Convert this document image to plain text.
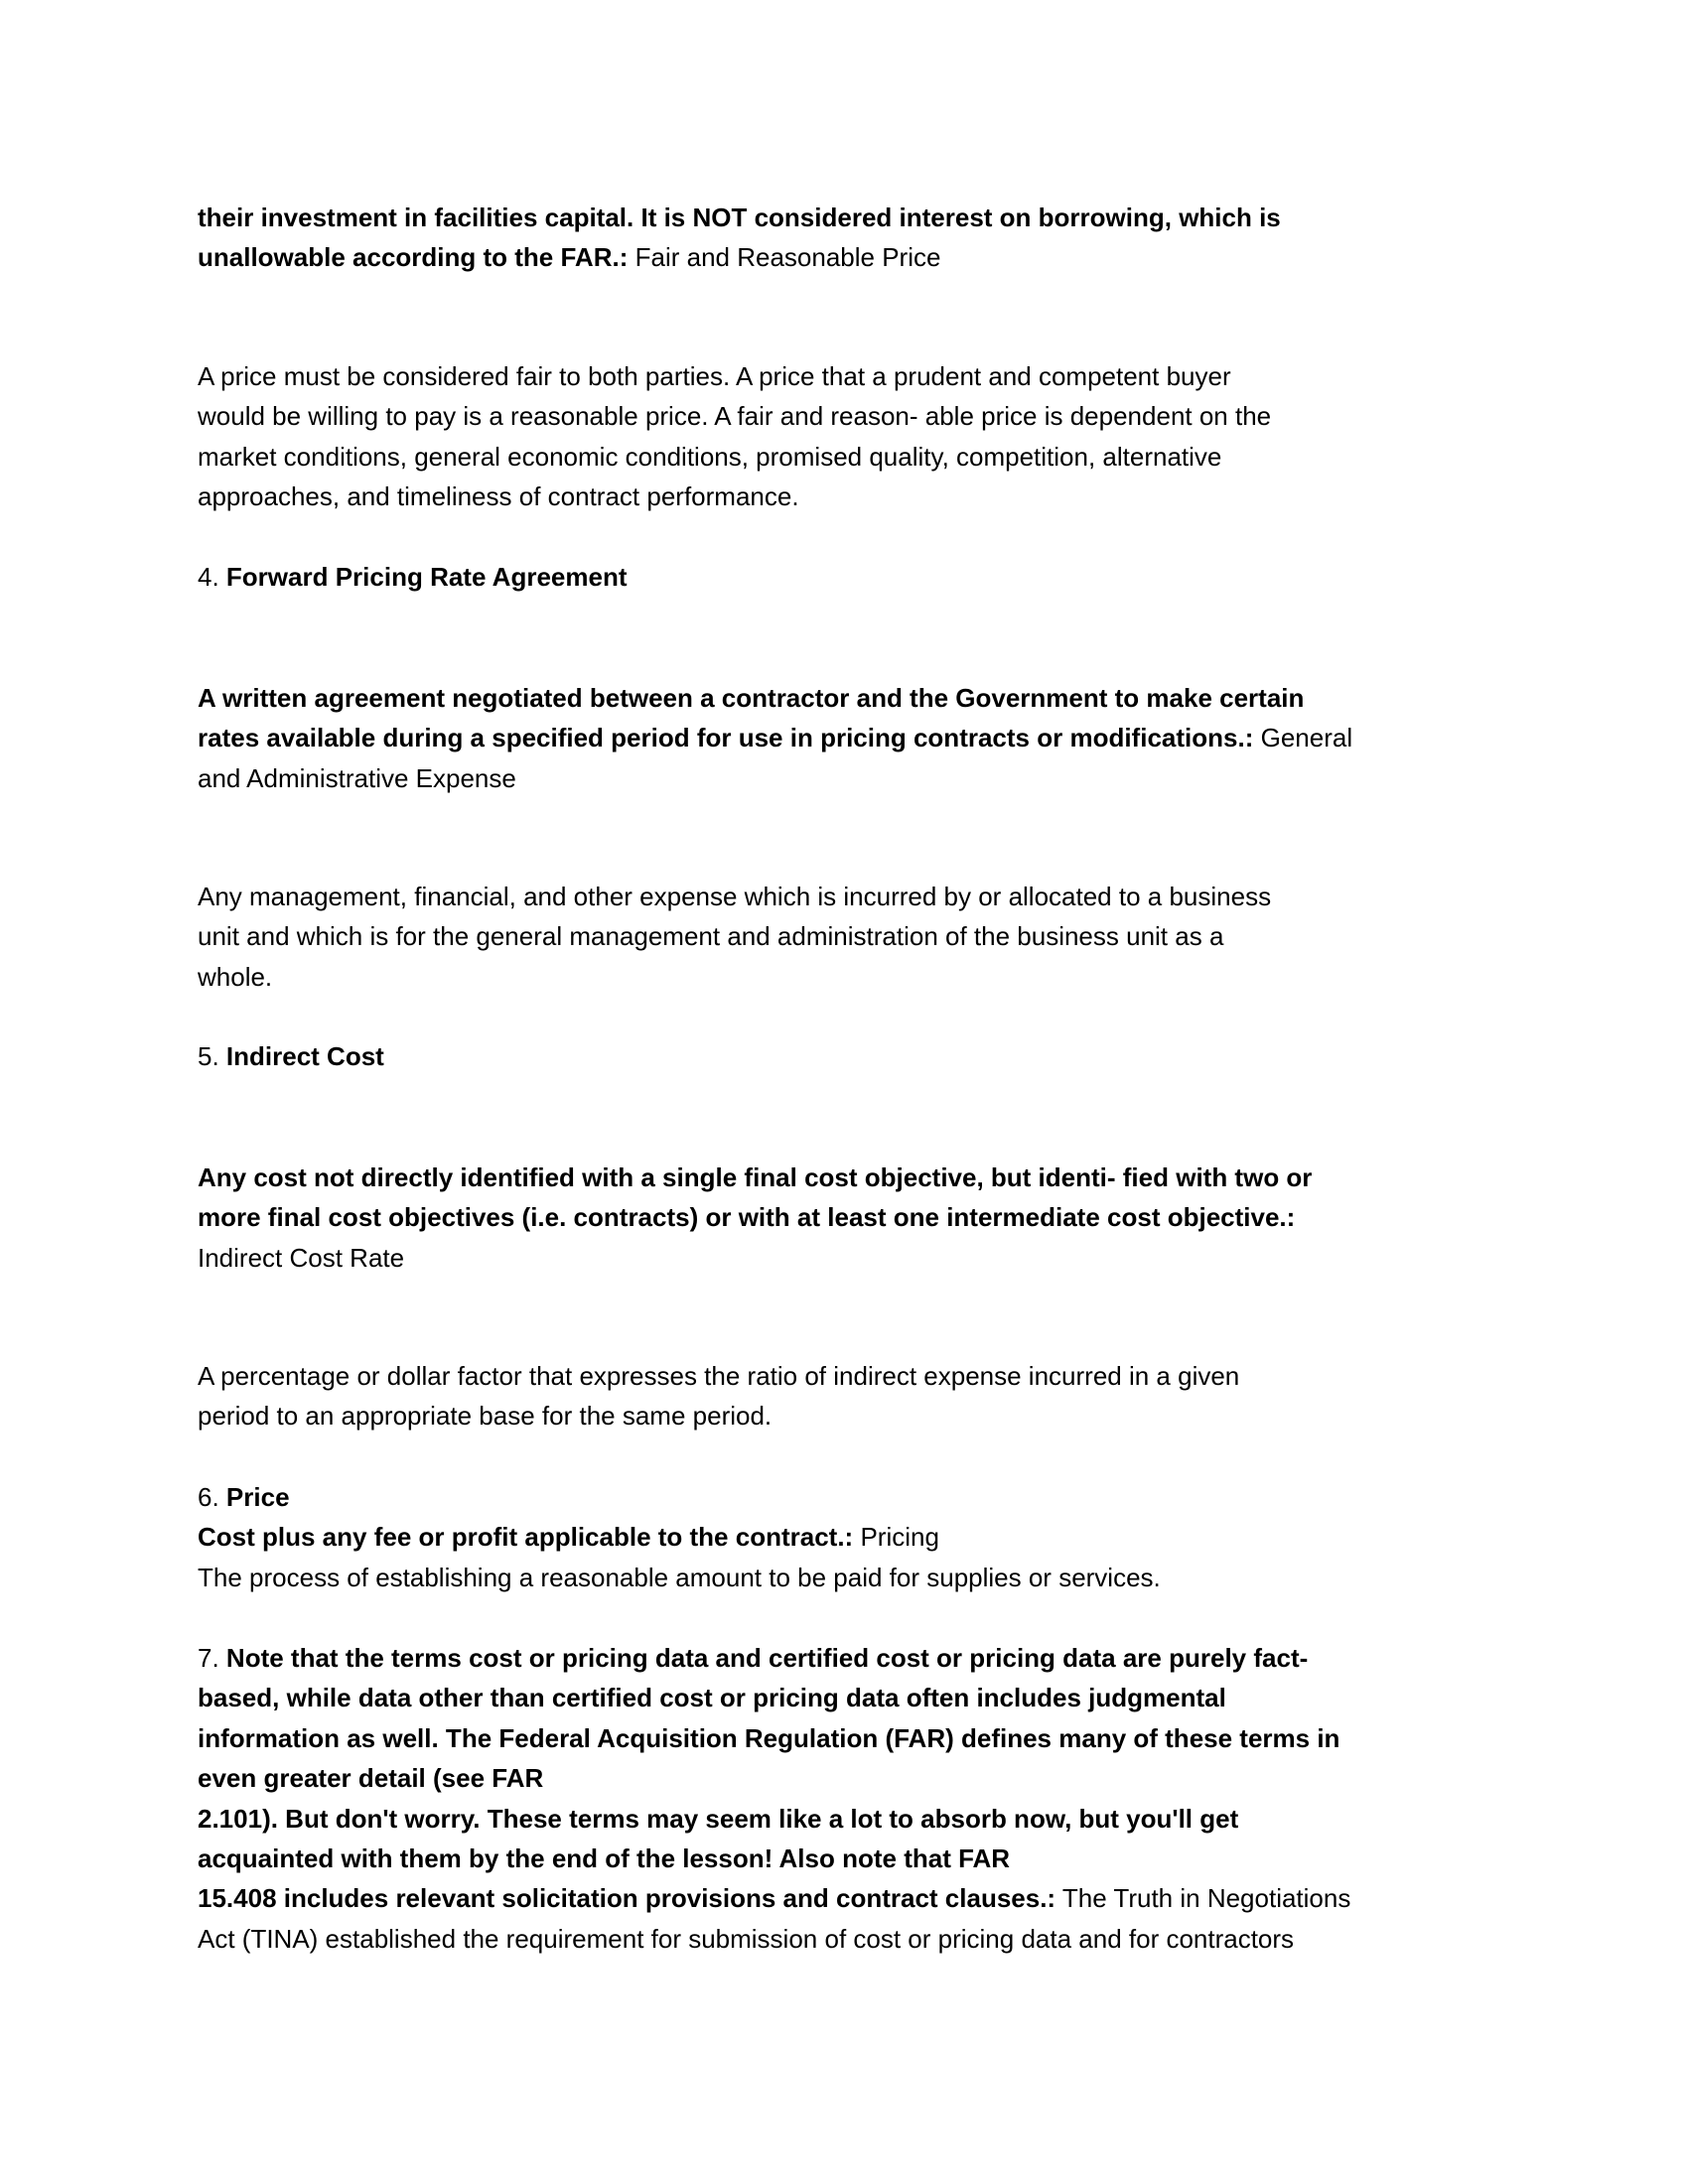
their investment in facilities capital. It is NOT considered interest on borrowing, which is
unallowable according to the FAR.: Fair and Reasonable Price
A price must be considered fair to both parties. A price that a prudent and competent buyer
would be willing to pay is a reasonable price. A fair and reason- able price is dependent on the
market conditions, general economic conditions, promised quality, competition, alternative
approaches, and timeliness of contract performance.
4. Forward Pricing Rate Agreement
A written agreement negotiated between a contractor and the Government to make certain
rates available during a specified period for use in pricing contracts or modifications.: General
and Administrative Expense
Any management, financial, and other expense which is incurred by or allocated to a business
unit and which is for the general management and administration of the business unit as a
whole.
5. Indirect Cost
Any cost not directly identified with a single final cost objective, but identi- fied with two or
more final cost objectives (i.e. contracts) or with at least one intermediate cost objective.:
Indirect Cost Rate
A percentage or dollar factor that expresses the ratio of indirect expense incurred in a given
period to an appropriate base for the same period.
6. Price
Cost plus any fee or profit applicable to the contract.: Pricing
The process of establishing a reasonable amount to be paid for supplies or services.
7. Note that the terms cost or pricing data and certified cost or pricing data are purely fact-
based, while data other than certified cost or pricing data often includes judgmental
information as well. The Federal Acquisition Regulation (FAR) defines many of these terms in
even greater detail (see FAR
2.101). But don't worry. These terms may seem like a lot to absorb now, but you'll get
acquainted with them by the end of the lesson! Also note that FAR
15.408 includes relevant solicitation provisions and contract clauses.: The Truth in Negotiations
Act (TINA) established the requirement for submission of cost or pricing data and for contractors
